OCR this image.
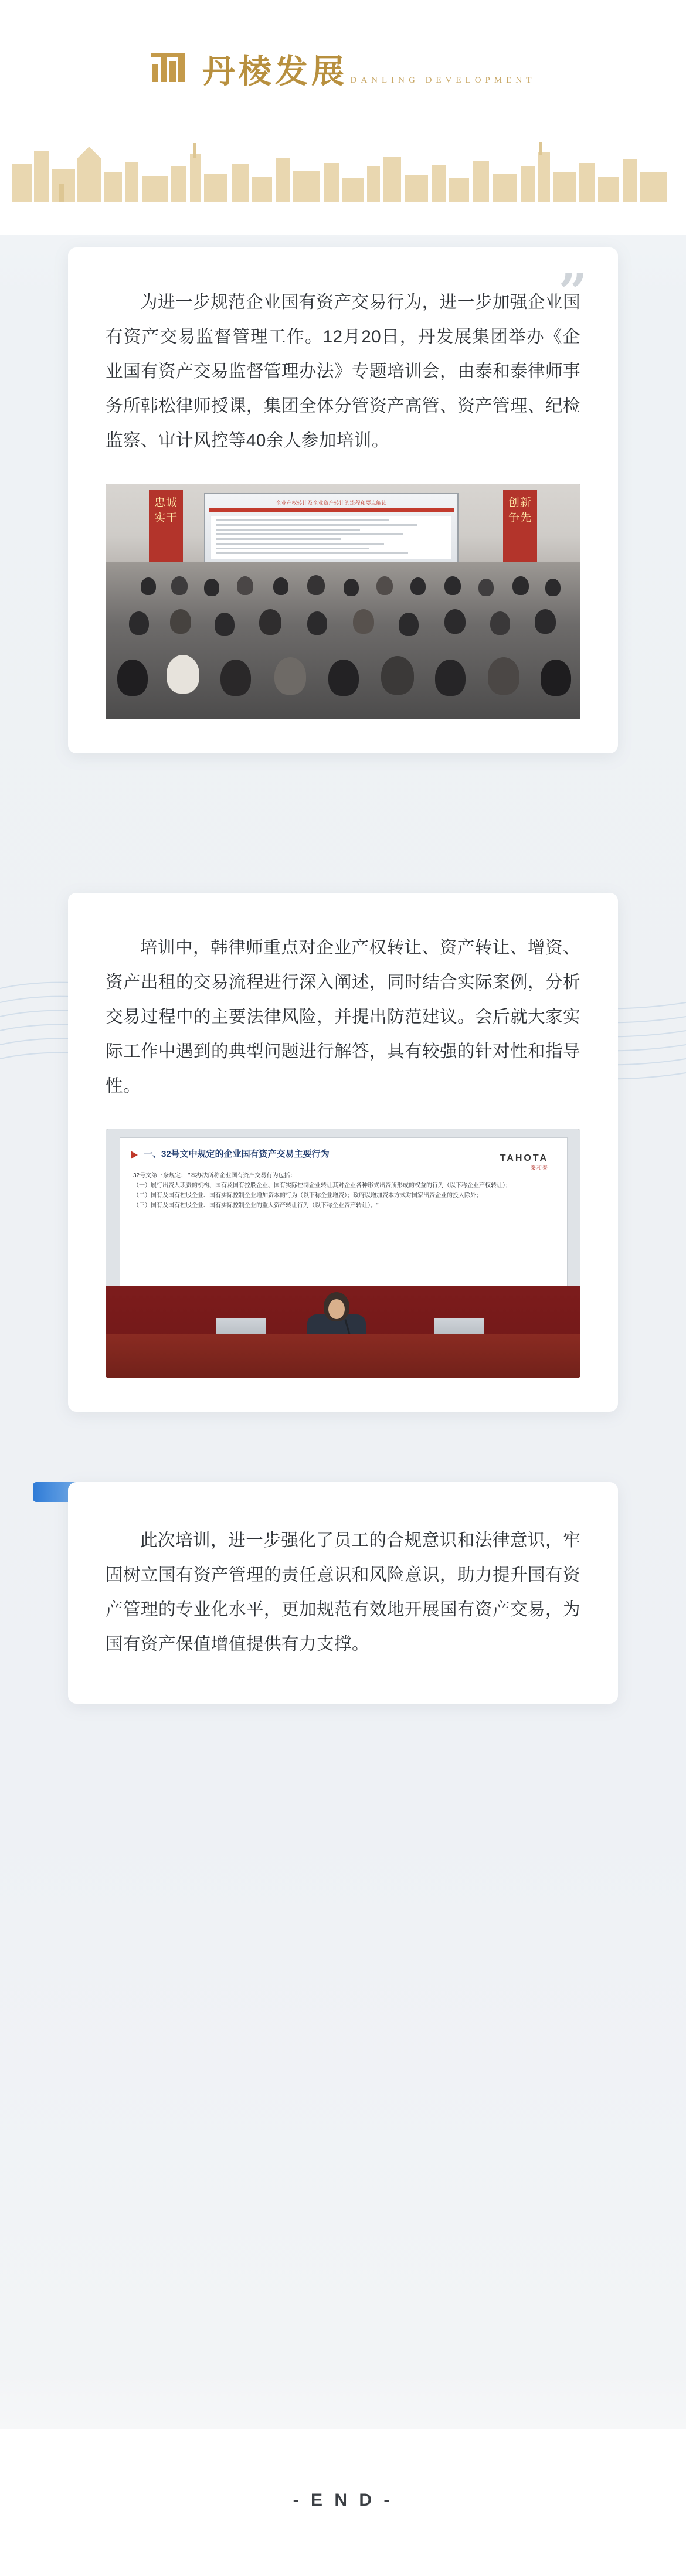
丹棱发展 DANLING DEVELOPMENT
”

为进一步规范企业国有资产交易行为，进一步加强企业国有资产交易监督管理工作。12月20日，丹发展集团举办《企业国有资产交易监督管理办法》专题培训会，由泰和泰律师事务所韩松律师授课，集团全体分管资产高管、资产管理、纪检监察、审计风控等40余人参加培训。

忠诚 实干
创新 争先
企业产权转让及企业资产转让的流程和要点解读

培训中，韩律师重点对企业产权转让、资产转让、增资、资产出租的交易流程进行深入阐述，同时结合实际案例，分析交易过程中的主要法律风险，并提出防范建议。会后就大家实际工作中遇到的典型问题进行解答，具有较强的针对性和指导性。

一、32号文中规定的企业国有资产交易主要行为	TAHOTA
泰和泰
32号文第三条规定： "本办法所称企业国有资产交易行为包括：
（一）履行出资人职责的机构、国有及国有控股企业、国有实际控制企业转让其对企业各种形式出资所形成的权益的行为（以下称企业产权转让）；
（二）国有及国有控股企业、国有实际控制企业增加资本的行为（以下称企业增资）；政府以增加资本方式对国家出资企业的投入除外；
（三）国有及国有控股企业、国有实际控制企业的重大资产转让行为（以下称企业资产转让）。"

此次培训，进一步强化了员工的合规意识和法律意识，牢固树立国有资产管理的责任意识和风险意识，助力提升国有资产管理的专业化水平，更加规范有效地开展国有资产交易，为国有资产保值增值提供有力支撑。

- E N D -
